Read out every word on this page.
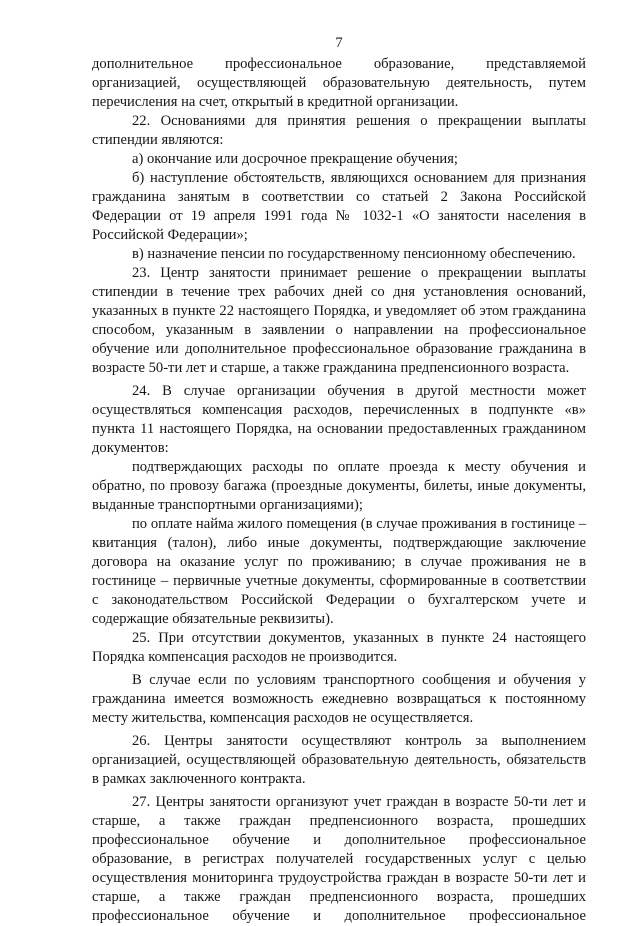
7

дополнительное профессиональное образование, представляемой организацией, осуществляющей образовательную деятельность, путем перечисления на счет, открытый в кредитной организации.

22. Основаниями для принятия решения о прекращении выплаты стипендии являются:

а) окончание или досрочное прекращение обучения;

б) наступление обстоятельств, являющихся основанием для признания гражданина занятым в соответствии со статьей 2 Закона Российской Федерации от 19 апреля 1991 года № 1032-1 «О занятости населения в Российской Федерации»;

в) назначение пенсии по государственному пенсионному обеспечению.

23. Центр занятости принимает решение о прекращении выплаты стипендии в течение трех рабочих дней со дня установления оснований, указанных в пункте 22 настоящего Порядка, и уведомляет об этом гражданина способом, указанным в заявлении о направлении на профессиональное обучение или дополнительное профессиональное образование гражданина в возрасте 50-ти лет и старше, а также гражданина предпенсионного возраста.

24. В случае организации обучения в другой местности может осуществляться компенсация расходов, перечисленных в подпункте «в» пункта 11 настоящего Порядка, на основании предоставленных гражданином документов:

подтверждающих расходы по оплате проезда к месту обучения и обратно, по провозу багажа (проездные документы, билеты, иные документы, выданные транспортными организациями);

по оплате найма жилого помещения (в случае проживания в гостинице – квитанция (талон), либо иные документы, подтверждающие заключение договора на оказание услуг по проживанию; в случае проживания не в гостинице – первичные учетные документы, сформированные в соответствии с законодательством Российской Федерации о бухгалтерском учете и содержащие обязательные реквизиты).

25. При отсутствии документов, указанных в пункте 24 настоящего Порядка компенсация расходов не производится.

В случае если по условиям транспортного сообщения и обучения у гражданина имеется возможность ежедневно возвращаться к постоянному месту жительства, компенсация расходов не осуществляется.

26. Центры занятости осуществляют контроль за выполнением организацией, осуществляющей образовательную деятельность, обязательств в рамках заключенного контракта.

27. Центры занятости организуют учет граждан в возрасте 50-ти лет и старше, а также граждан предпенсионного возраста, прошедших профессиональное обучение и дополнительное профессиональное образование, в регистрах получателей государственных услуг с целью осуществления мониторинга трудоустройства граждан в возрасте 50-ти лет и старше, а также граждан предпенсионного возраста, прошедших профессиональное обучение и дополнительное профессиональное
